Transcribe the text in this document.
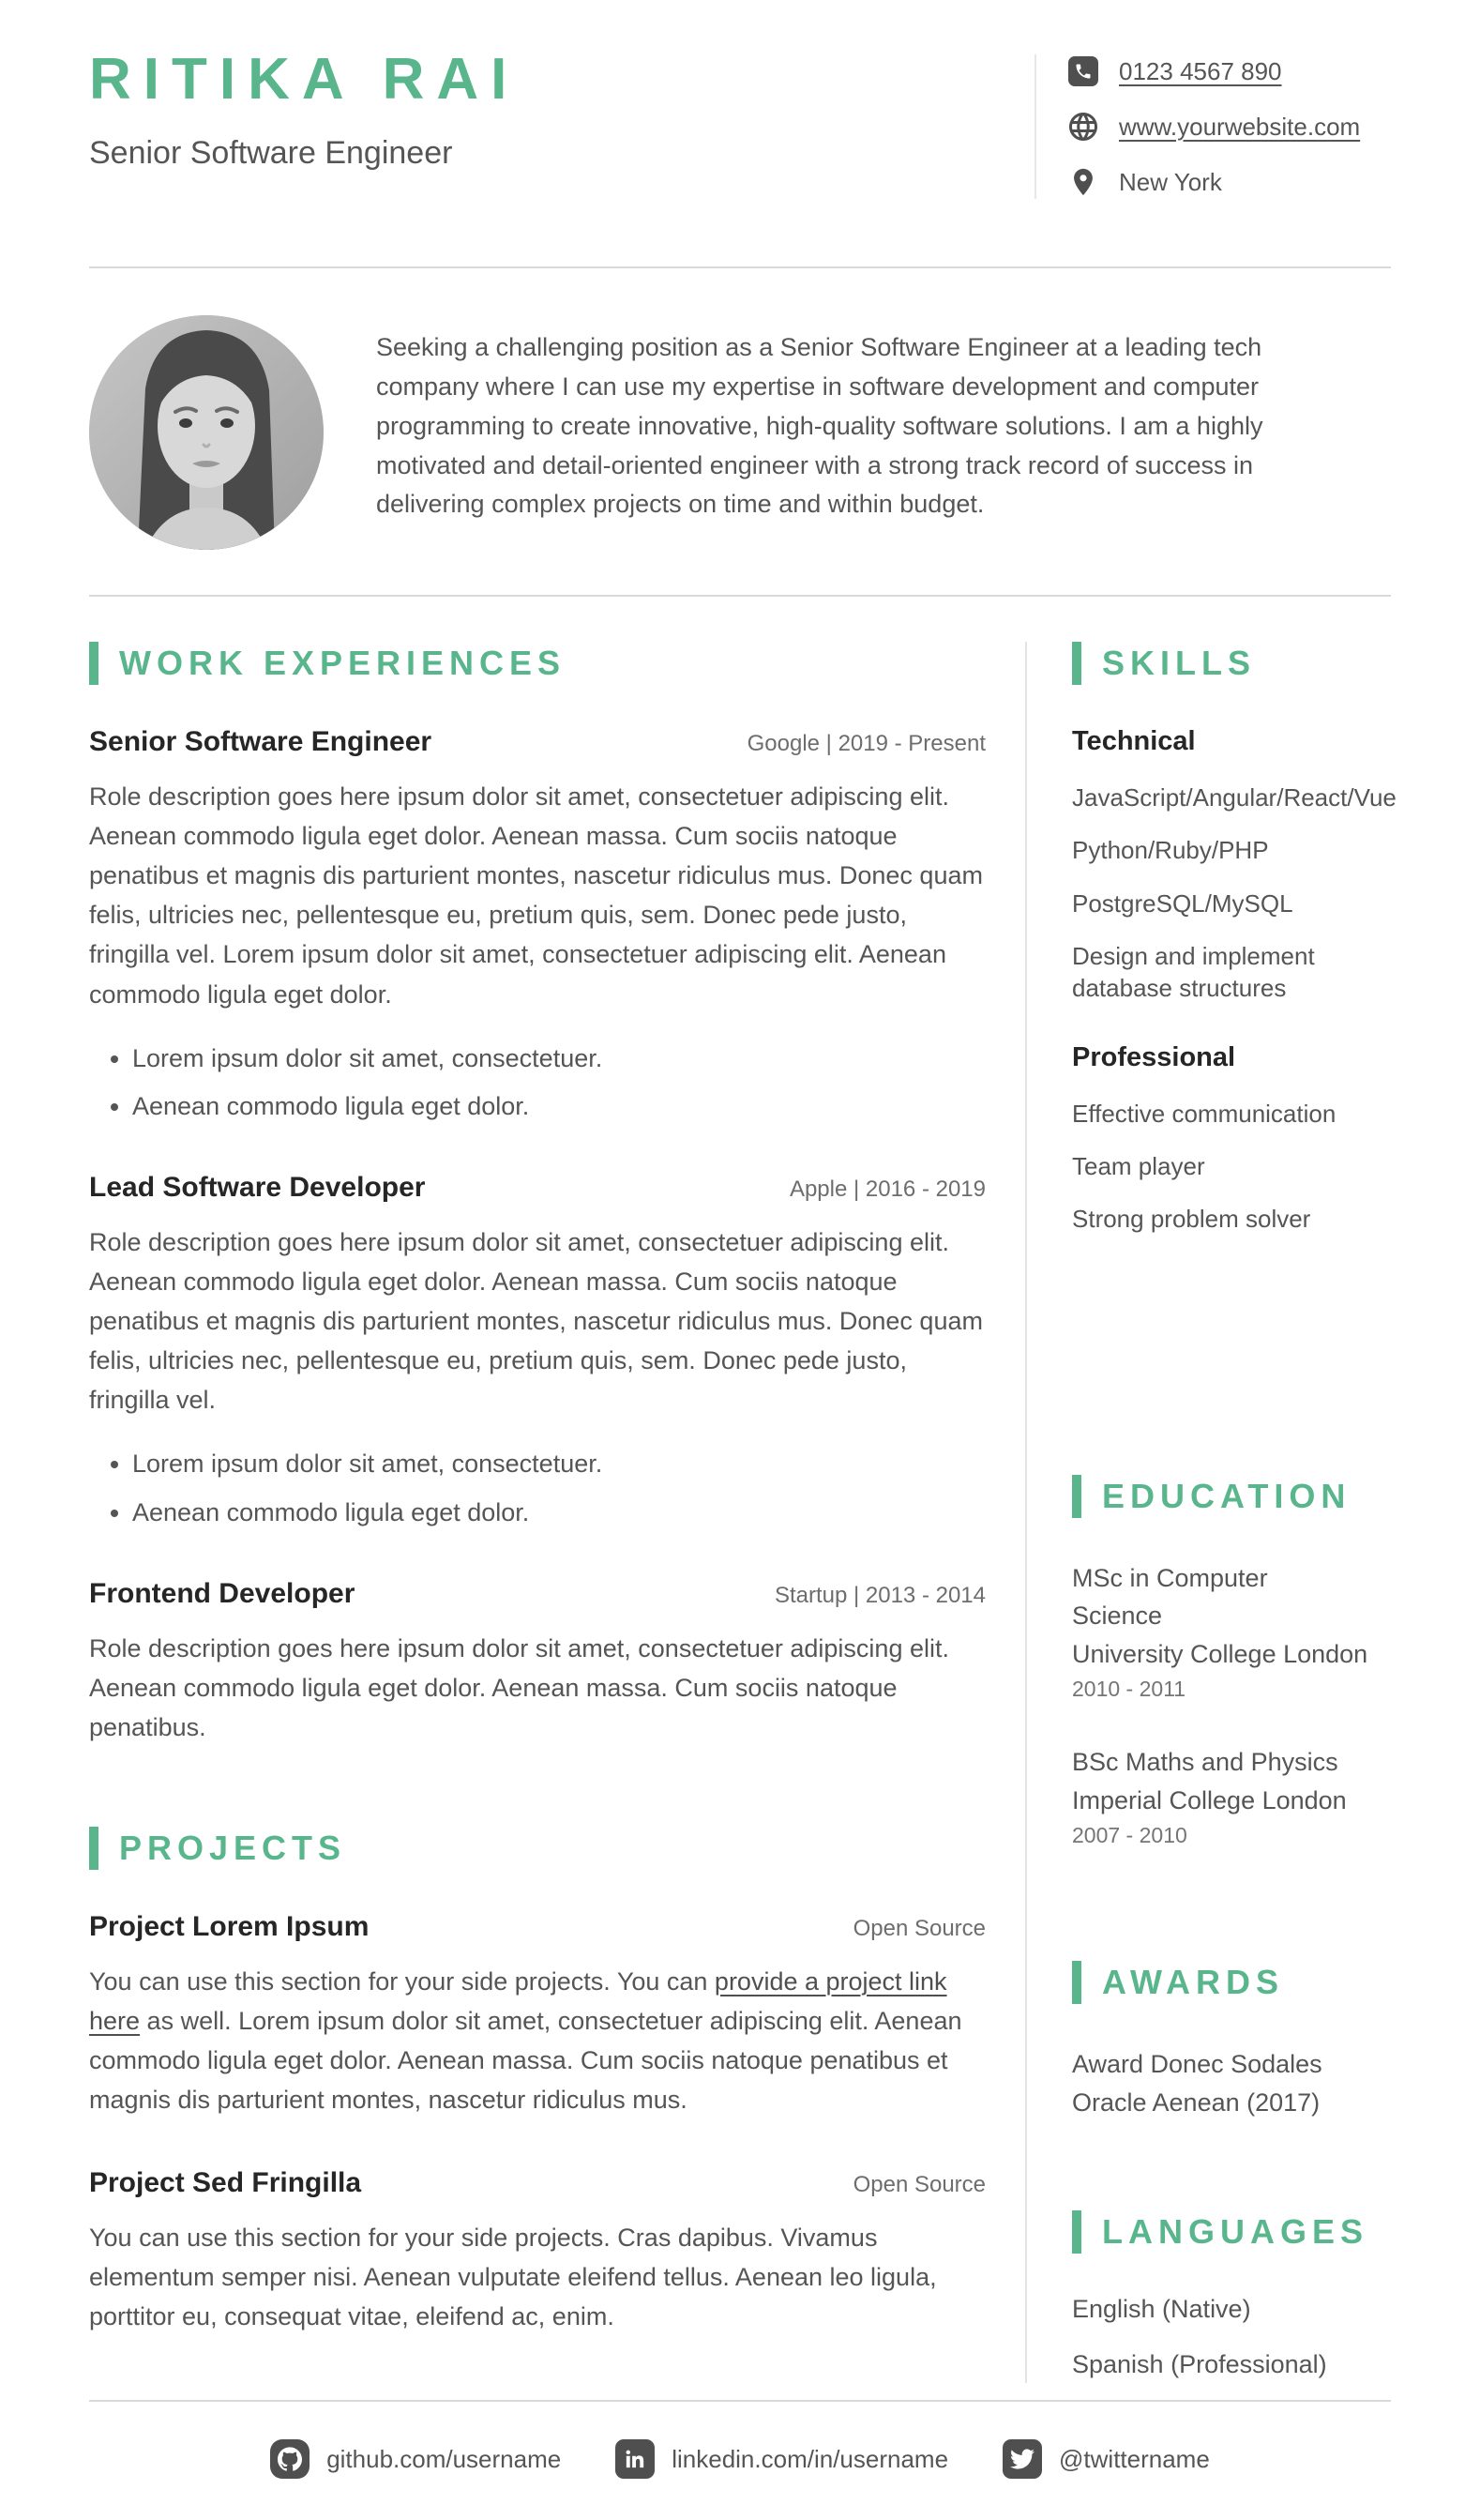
RITIKA RAI
Senior Software Engineer
0123 4567 890
www.yourwebsite.com
New York

Seeking a challenging position as a Senior Software Engineer at a leading tech company where I can use my expertise in software development and computer programming to create innovative, high-quality software solutions. I am a highly motivated and detail-oriented engineer with a strong track record of success in delivering complex projects on time and within budget.

WORK EXPERIENCES
Senior Software Engineer	Google | 2019 - Present

Role description goes here ipsum dolor sit amet, consectetuer adipiscing elit. Aenean commodo ligula eget dolor. Aenean massa. Cum sociis natoque penatibus et magnis dis parturient montes, nascetur ridiculus mus. Donec quam felis, ultricies nec, pellentesque eu, pretium quis, sem. Donec pede justo, fringilla vel. Lorem ipsum dolor sit amet, consectetuer adipiscing elit. Aenean commodo ligula eget dolor.

• Lorem ipsum dolor sit amet, consectetuer.
• Aenean commodo ligula eget dolor.
Lead Software Developer	Apple | 2016 - 2019

Role description goes here ipsum dolor sit amet, consectetuer adipiscing elit. Aenean commodo ligula eget dolor. Aenean massa. Cum sociis natoque penatibus et magnis dis parturient montes, nascetur ridiculus mus. Donec quam felis, ultricies nec, pellentesque eu, pretium quis, sem. Donec pede justo, fringilla vel.

• Lorem ipsum dolor sit amet, consectetuer.
• Aenean commodo ligula eget dolor.
Frontend Developer	Startup | 2013 - 2014

Role description goes here ipsum dolor sit amet, consectetuer adipiscing elit. Aenean commodo ligula eget dolor. Aenean massa. Cum sociis natoque penatibus.

PROJECTS
Project Lorem Ipsum	Open Source

You can use this section for your side projects. You can provide a project link here as well. Lorem ipsum dolor sit amet, consectetuer adipiscing elit. Aenean commodo ligula eget dolor. Aenean massa. Cum sociis natoque penatibus et magnis dis parturient montes, nascetur ridiculus mus.

Project Sed Fringilla	Open Source

You can use this section for your side projects. Cras dapibus. Vivamus elementum semper nisi. Aenean vulputate eleifend tellus. Aenean leo ligula, porttitor eu, consequat vitae, eleifend ac, enim.

SKILLS
Technical
JavaScript/Angular/React/Vue
Python/Ruby/PHP
PostgreSQL/MySQL
Design and implement database structures
Professional
Effective communication
Team player
Strong problem solver
EDUCATION
MSc in Computer Science
University College London
2010 - 2011
BSc Maths and Physics
Imperial College London
2007 - 2010
AWARDS

Award Donec Sodales Oracle Aenean (2017)

LANGUAGES
English (Native)
Spanish (Professional)
github.com/username	linkedin.com/in/username	@twittername
